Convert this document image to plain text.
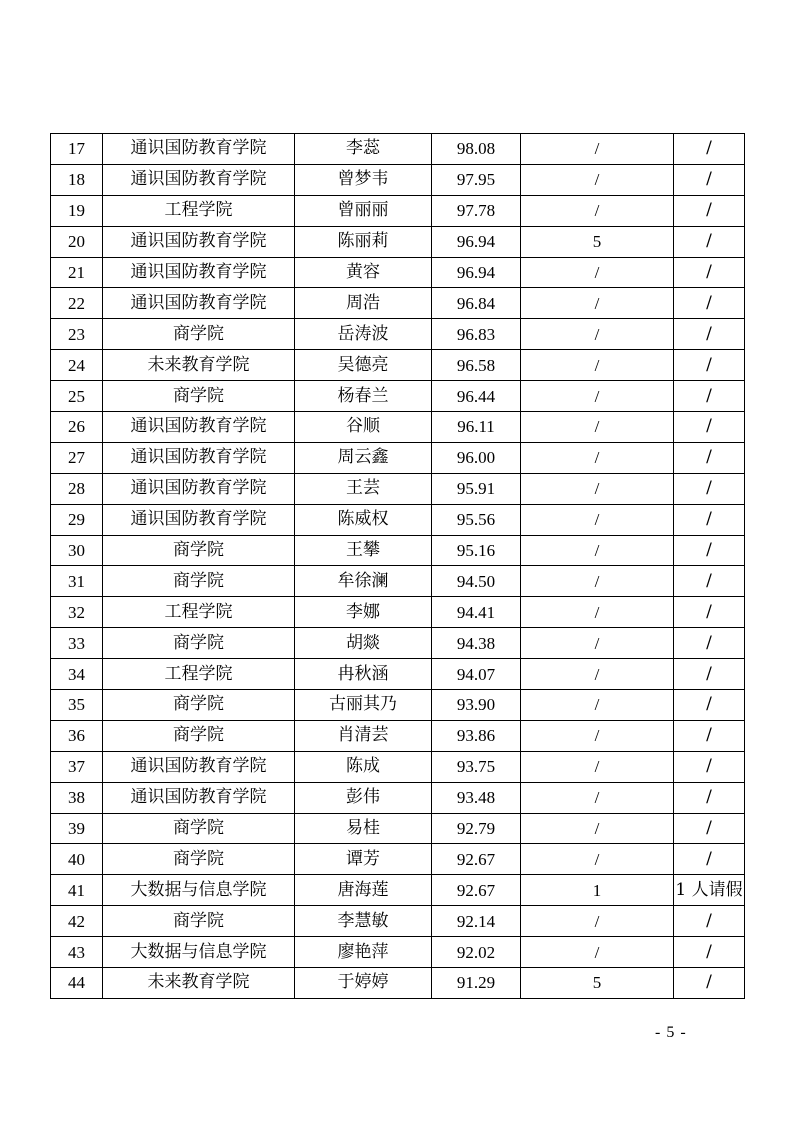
17	通识国防教育学院	李蕊	98.08	/	/
18	通识国防教育学院	曾梦韦	97.95	/	/
19	工程学院	曾丽丽	97.78	/	/
20	通识国防教育学院	陈丽莉	96.94	5	/
21	通识国防教育学院	黄容	96.94	/	/
22	通识国防教育学院	周浩	96.84	/	/
23	商学院	岳涛波	96.83	/	/
24	未来教育学院	吴德亮	96.58	/	/
25	商学院	杨春兰	96.44	/	/
26	通识国防教育学院	谷顺	96.11	/	/
27	通识国防教育学院	周云鑫	96.00	/	/
28	通识国防教育学院	王芸	95.91	/	/
29	通识国防教育学院	陈威权	95.56	/	/
30	商学院	王攀	95.16	/	/
31	商学院	牟徐澜	94.50	/	/
32	工程学院	李娜	94.41	/	/
33	商学院	胡燚	94.38	/	/
34	工程学院	冉秋涵	94.07	/	/
35	商学院	古丽其乃	93.90	/	/
36	商学院	肖清芸	93.86	/	/
37	通识国防教育学院	陈成	93.75	/	/
38	通识国防教育学院	彭伟	93.48	/	/
39	商学院	易桂	92.79	/	/
40	商学院	谭芳	92.67	/	/
41	大数据与信息学院	唐海莲	92.67	1	1 人请假
42	商学院	李慧敏	92.14	/	/
43	大数据与信息学院	廖艳萍	92.02	/	/
44	未来教育学院	于婷婷	91.29	5	/
- 5 -
